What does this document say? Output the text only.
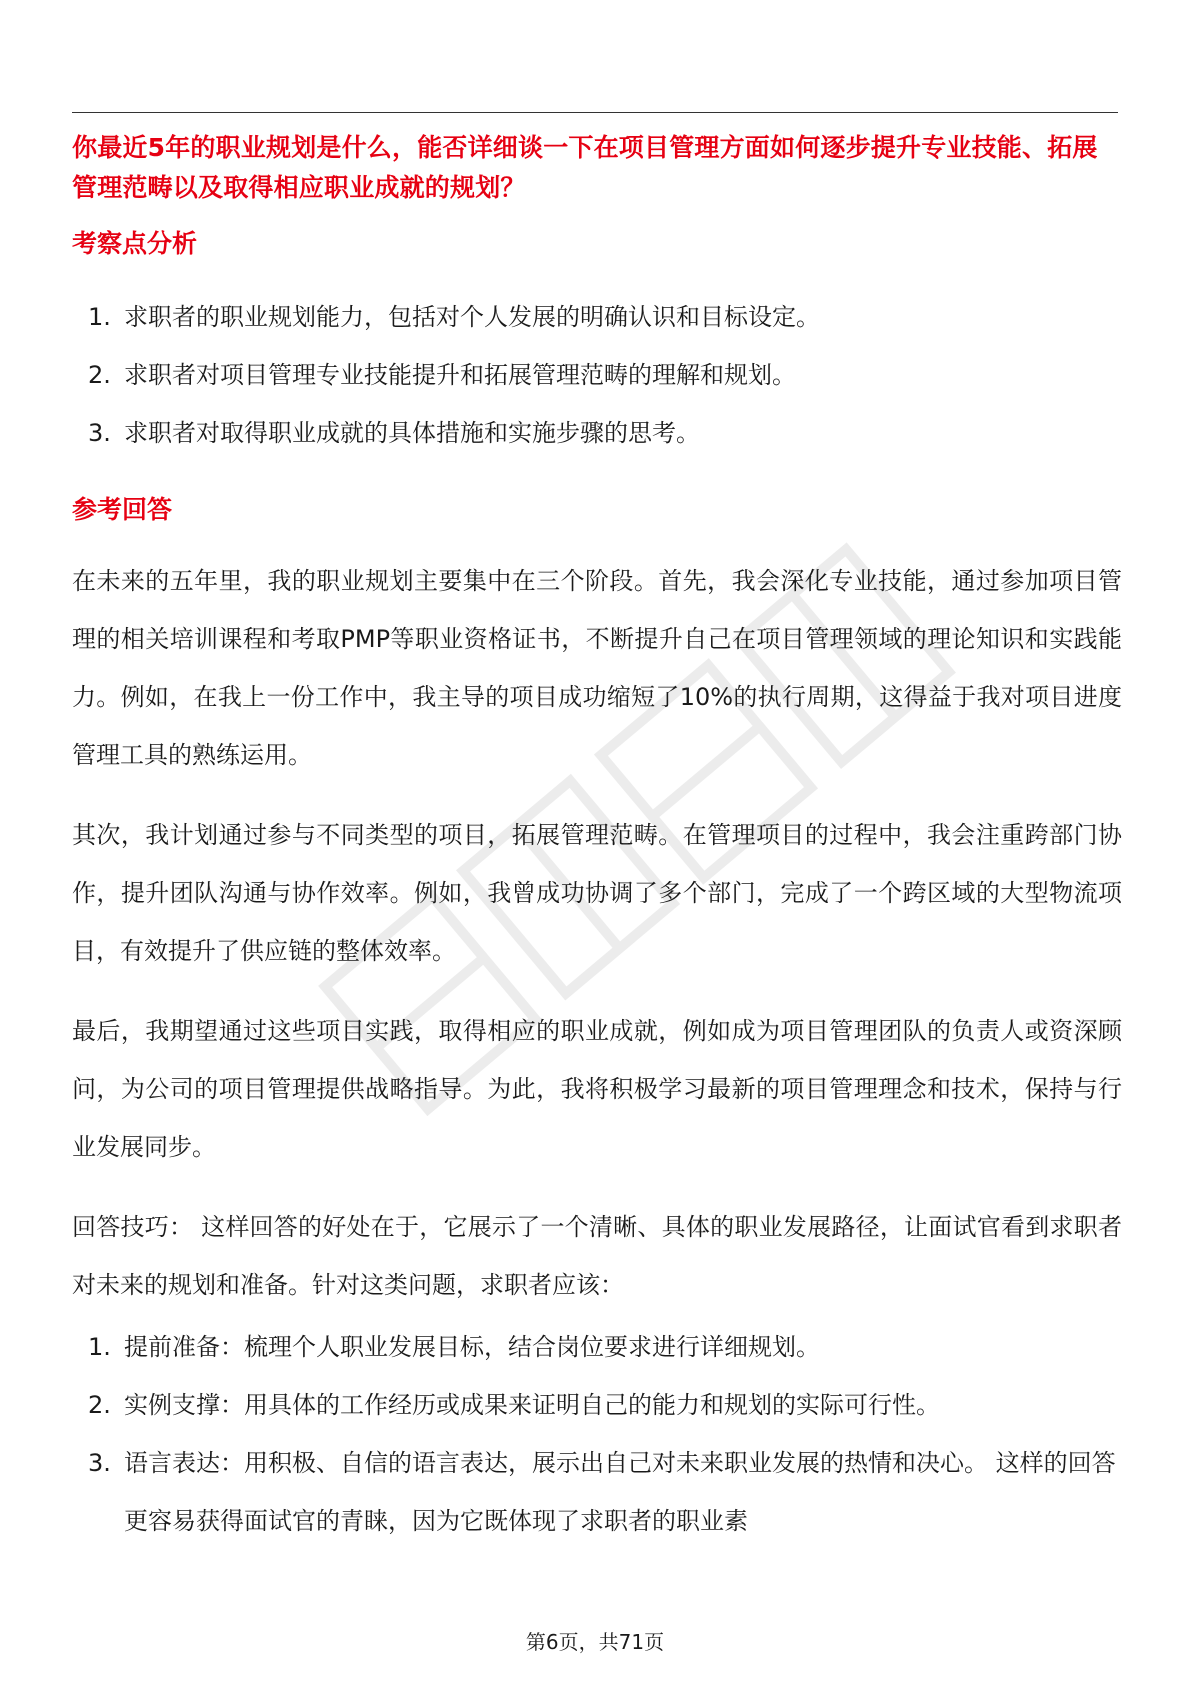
你最近5年的职业规划是什么，能否详细谈一下在项目管理方面如何逐步提升专业技能、拓展管理范畴以及取得相应职业成就的规划？

考察点分析
1. 求职者的职业规划能力，包括对个人发展的明确认识和目标设定。
2. 求职者对项目管理专业技能提升和拓展管理范畴的理解和规划。
3. 求职者对取得职业成就的具体措施和实施步骤的思考。
参考回答

在未来的五年里，我的职业规划主要集中在三个阶段。首先，我会深化专业技能，通过参加项目管理的相关培训课程和考取PMP等职业资格证书，不断提升自己在项目管理领域的理论知识和实践能力。例如，在我上一份工作中，我主导的项目成功缩短了10%的执行周期，这得益于我对项目进度管理工具的熟练运用。

其次，我计划通过参与不同类型的项目，拓展管理范畴。在管理项目的过程中，我会注重跨部门协作，提升团队沟通与协作效率。例如，我曾成功协调了多个部门，完成了一个跨区域的大型物流项目，有效提升了供应链的整体效率。

最后，我期望通过这些项目实践，取得相应的职业成就，例如成为项目管理团队的负责人或资深顾问，为公司的项目管理提供战略指导。为此，我将积极学习最新的项目管理理念和技术，保持与行业发展同步。

回答技巧： 这样回答的好处在于，它展示了一个清晰、具体的职业发展路径，让面试官看到求职者对未来的规划和准备。针对这类问题，求职者应该：

1. 提前准备：梳理个人职业发展目标，结合岗位要求进行详细规划。
2. 实例支撑：用具体的工作经历或成果来证明自己的能力和规划的实际可行性。
3. 语言表达：用积极、自信的语言表达，展示出自己对未来职业发展的热情和决心。 这样的回答更容易获得面试官的青睐，因为它既体现了求职者的职业素
第6页，共71页
